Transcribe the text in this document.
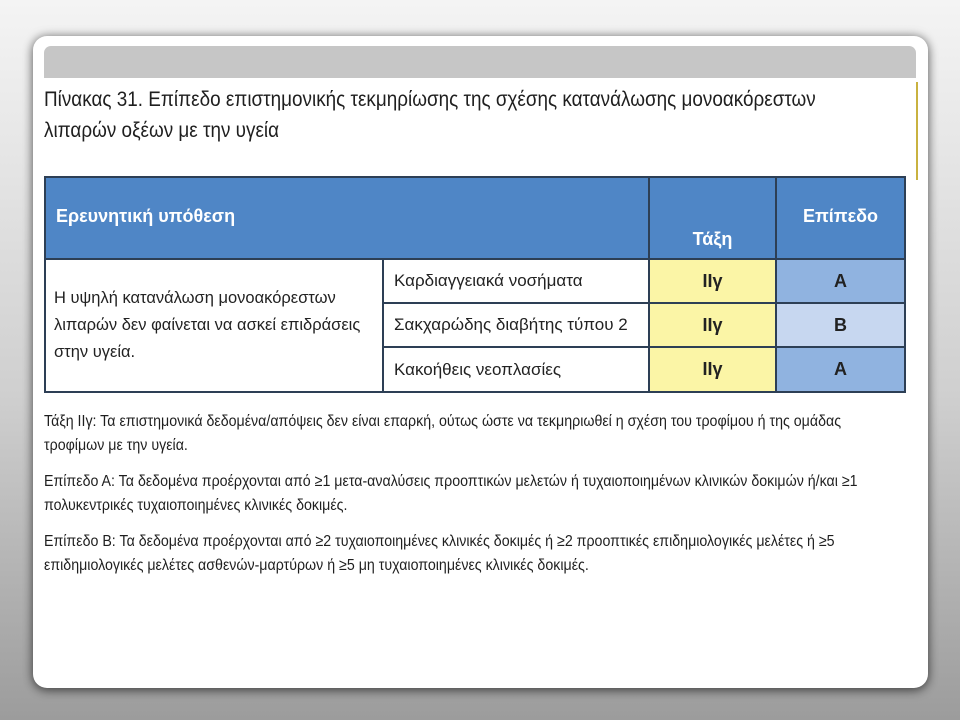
Πίνακας 31. Επίπεδο επιστημονικής τεκμηρίωσης της σχέσης κατανάλωσης μονοακόρεστων λιπαρών οξέων με την υγεία
Ερευνητική υπόθεση		Τάξη	Επίπεδο
Η υψηλή κατανάλωση μονοακόρεστων λιπαρών δεν φαίνεται να ασκεί επιδράσεις στην υγεία.	Καρδιαγγειακά νοσήματα	IIγ	Α
	Σακχαρώδης διαβήτης τύπου 2	IIγ	Β
	Κακοήθεις νεοπλασίες	IIγ	Α

Τάξη IIγ: Τα επιστημονικά δεδομένα/απόψεις δεν είναι επαρκή, ούτως ώστε να τεκμηριωθεί η σχέση του τροφίμου ή της ομάδας τροφίμων με την υγεία.

Επίπεδο Α: Τα δεδομένα προέρχονται από ≥1 μετα-αναλύσεις προοπτικών μελετών ή τυχαιοποιημένων κλινικών δοκιμών ή/και ≥1 πολυκεντρικές τυχαιοποιημένες κλινικές δοκιμές.

Επίπεδο Β: Τα δεδομένα προέρχονται από ≥2 τυχαιοποιημένες κλινικές δοκιμές ή ≥2 προοπτικές επιδημιολογικές μελέτες ή ≥5 επιδημιολογικές μελέτες ασθενών-μαρτύρων ή ≥5 μη τυχαιοποιημένες κλινικές δοκιμές.
